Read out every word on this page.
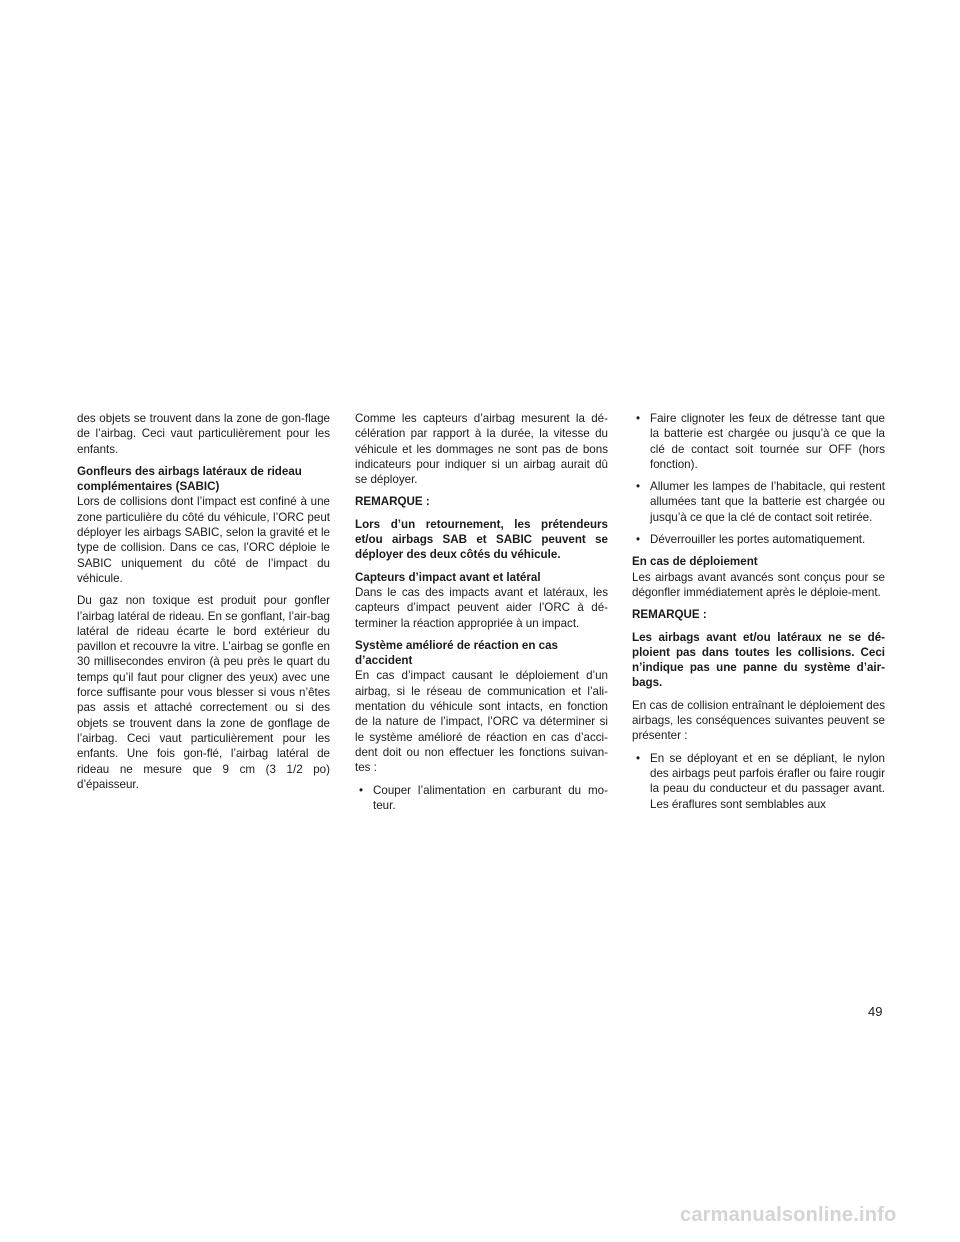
des objets se trouvent dans la zone de gon-flage de l’airbag. Ceci vaut particulièrement pour les enfants.

Gonfleurs des airbags latéraux de rideau complémentaires (SABIC)

Lors de collisions dont l’impact est confiné à une zone particulière du côté du véhicule, l’ORC peut déployer les airbags SABIC, selon la gravité et le type de collision. Dans ce cas, l’ORC déploie le SABIC uniquement du côté de l’impact du véhicule.

Du gaz non toxique est produit pour gonfler l’airbag latéral de rideau. En se gonflant, l’air-bag latéral de rideau écarte le bord extérieur du pavillon et recouvre la vitre. L’airbag se gonfle en 30 millisecondes environ (à peu près le quart du temps qu’il faut pour cligner des yeux) avec une force suffisante pour vous blesser si vous n’êtes pas assis et attaché correctement ou si des objets se trouvent dans la zone de gonflage de l’airbag. Ceci vaut particulièrement pour les enfants. Une fois gon-flé, l’airbag latéral de rideau ne mesure que 9 cm (3 1/2 po) d’épaisseur.

Comme les capteurs d’airbag mesurent la dé-célération par rapport à la durée, la vitesse du véhicule et les dommages ne sont pas de bons indicateurs pour indiquer si un airbag aurait dû se déployer.

REMARQUE :

Lors d’un retournement, les prétendeurs et/ou airbags SAB et SABIC peuvent se déployer des deux côtés du véhicule.

Capteurs d’impact avant et latéral

Dans le cas des impacts avant et latéraux, les capteurs d’impact peuvent aider l’ORC à dé-terminer la réaction appropriée à un impact.

Système amélioré de réaction en cas d’accident

En cas d’impact causant le déploiement d’un airbag, si le réseau de communication et l’ali-mentation du véhicule sont intacts, en fonction de la nature de l’impact, l’ORC va déterminer si le système amélioré de réaction en cas d’acci-dent doit ou non effectuer les fonctions suivan-tes :

• Couper l’alimentation en carburant du mo-teur.
• Faire clignoter les feux de détresse tant que la batterie est chargée ou jusqu’à ce que la clé de contact soit tournée sur OFF (hors fonction).
• Allumer les lampes de l’habitacle, qui restent allumées tant que la batterie est chargée ou jusqu’à ce que la clé de contact soit retirée.
• Déverrouiller les portes automatiquement.

En cas de déploiement

Les airbags avant avancés sont conçus pour se dégonfler immédiatement après le déploie-ment.

REMARQUE :

Les airbags avant et/ou latéraux ne se dé-ploient pas dans toutes les collisions. Ceci n’indique pas une panne du système d’air-bags.

En cas de collision entraînant le déploiement des airbags, les conséquences suivantes peuvent se présenter :

• En se déployant et en se dépliant, le nylon des airbags peut parfois érafler ou faire rougir la peau du conducteur et du passager avant. Les éraflures sont semblables aux
49
carmanualsonline.info
